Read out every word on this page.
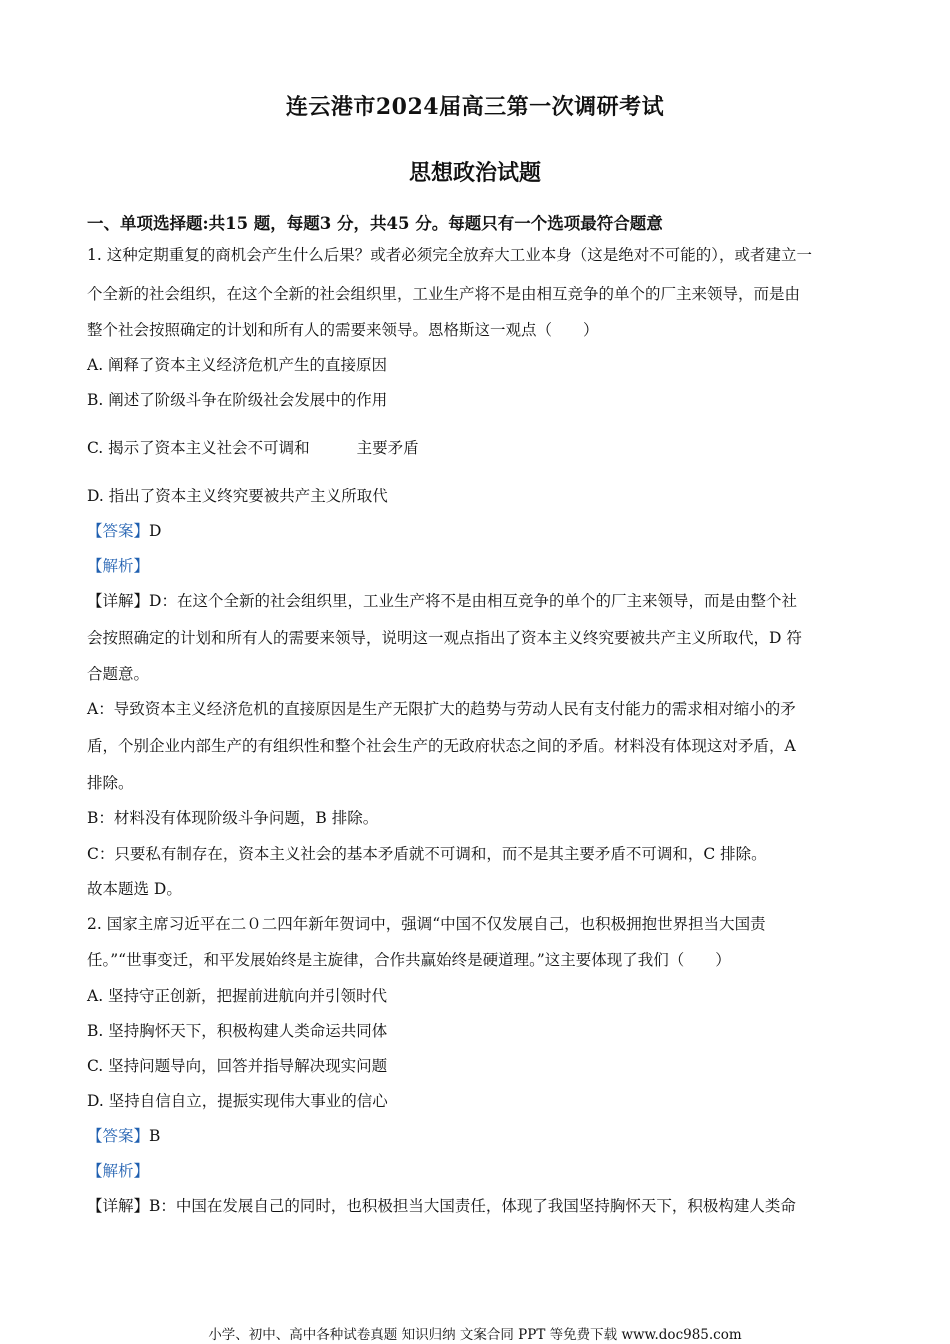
连云港市2024届高三第一次调研考试
思想政治试题
一、单项选择题:共15 题，每题3 分，共45 分。每题只有一个选项最符合题意
1. 这种定期重复的商机会产生什么后果？或者必须完全放弃大工业本身（这是绝对不可能的），或者建立一
个全新的社会组织，在这个全新的社会组织里，工业生产将不是由相互竞争的单个的厂主来领导，而是由
整个社会按照确定的计划和所有人的需要来领导。恩格斯这一观点（　　）
A. 阐释了资本主义经济危机产生的直接原因
B. 阐述了阶级斗争在阶级社会发展中的作用
C. 揭示了资本主义社会不可调和	主要矛盾
D. 指出了资本主义终究要被共产主义所取代
【答案】D
【解析】
【详解】D：在这个全新的社会组织里，工业生产将不是由相互竞争的单个的厂主来领导，而是由整个社
会按照确定的计划和所有人的需要来领导，说明这一观点指出了资本主义终究要被共产主义所取代，D 符
合题意。
A：导致资本主义经济危机的直接原因是生产无限扩大的趋势与劳动人民有支付能力的需求相对缩小的矛
盾，个别企业内部生产的有组织性和整个社会生产的无政府状态之间的矛盾。材料没有体现这对矛盾，A
排除。
B：材料没有体现阶级斗争问题，B 排除。
C：只要私有制存在，资本主义社会的基本矛盾就不可调和，而不是其主要矛盾不可调和，C 排除。
故本题选 D。
2. 国家主席习近平在二０二四年新年贺词中，强调“中国不仅发展自己，也积极拥抱世界担当大国责
任。”“世事变迁，和平发展始终是主旋律，合作共赢始终是硬道理。”这主要体现了我们（　　）
A. 坚持守正创新，把握前进航向并引领时代
B. 坚持胸怀天下，积极构建人类命运共同体
C. 坚持问题导向，回答并指导解决现实问题
D. 坚持自信自立，提振实现伟大事业的信心
【答案】B
【解析】
【详解】B：中国在发展自己的同时，也积极担当大国责任，体现了我国坚持胸怀天下，积极构建人类命
小学、初中、高中各种试卷真题 知识归纳 文案合同 PPT 等免费下载 www.doc985.com
